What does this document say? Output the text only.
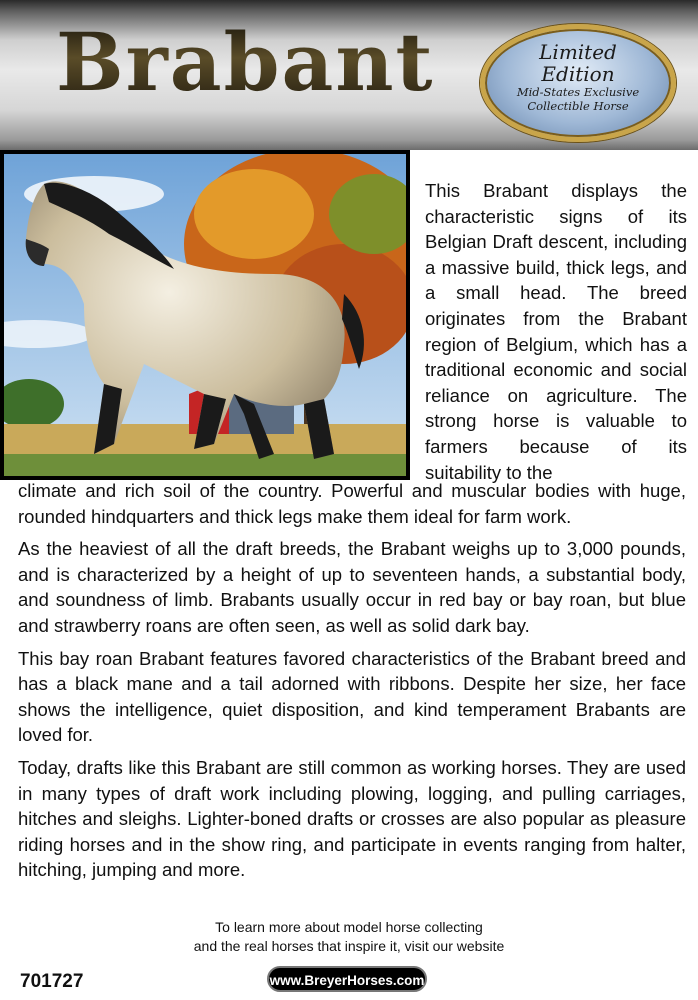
Brabant	Limited
Edition
Mid-States Exclusive
Collectible Horse
This Brabant displays the characteristic signs of its Belgian Draft descent, including a massive build, thick legs, and a small head. The breed originates from the Brabant region of Belgium, which has a traditional economic and social reliance on agriculture. The strong horse is valuable to farmers because of its suitability to the
climate and rich soil of the country. Powerful and muscular bodies with huge, rounded hindquarters and thick legs make them ideal for farm work.

As the heaviest of all the draft breeds, the Brabant weighs up to 3,000 pounds, and is characterized by a height of up to seventeen hands, a substantial body, and soundness of limb. Brabants usually occur in red bay or bay roan, but blue and strawberry roans are often seen, as well as solid dark bay.

This bay roan Brabant features favored characteristics of the Brabant breed and has a black mane and a tail adorned with ribbons. Despite her size, her face shows the intelligence, quiet disposition, and kind temperament Brabants are loved for.

Today, drafts like this Brabant are still common as working horses. They are used in many types of draft work including plowing, logging, and pulling carriages, hitches and sleighs. Lighter-boned drafts or crosses are also popular as pleasure riding horses and in the show ring, and participate in events ranging from halter, hitching, jumping and more.

To learn more about model horse collecting
and the real horses that inspire it, visit our website
701727	www.BreyerHorses.com
